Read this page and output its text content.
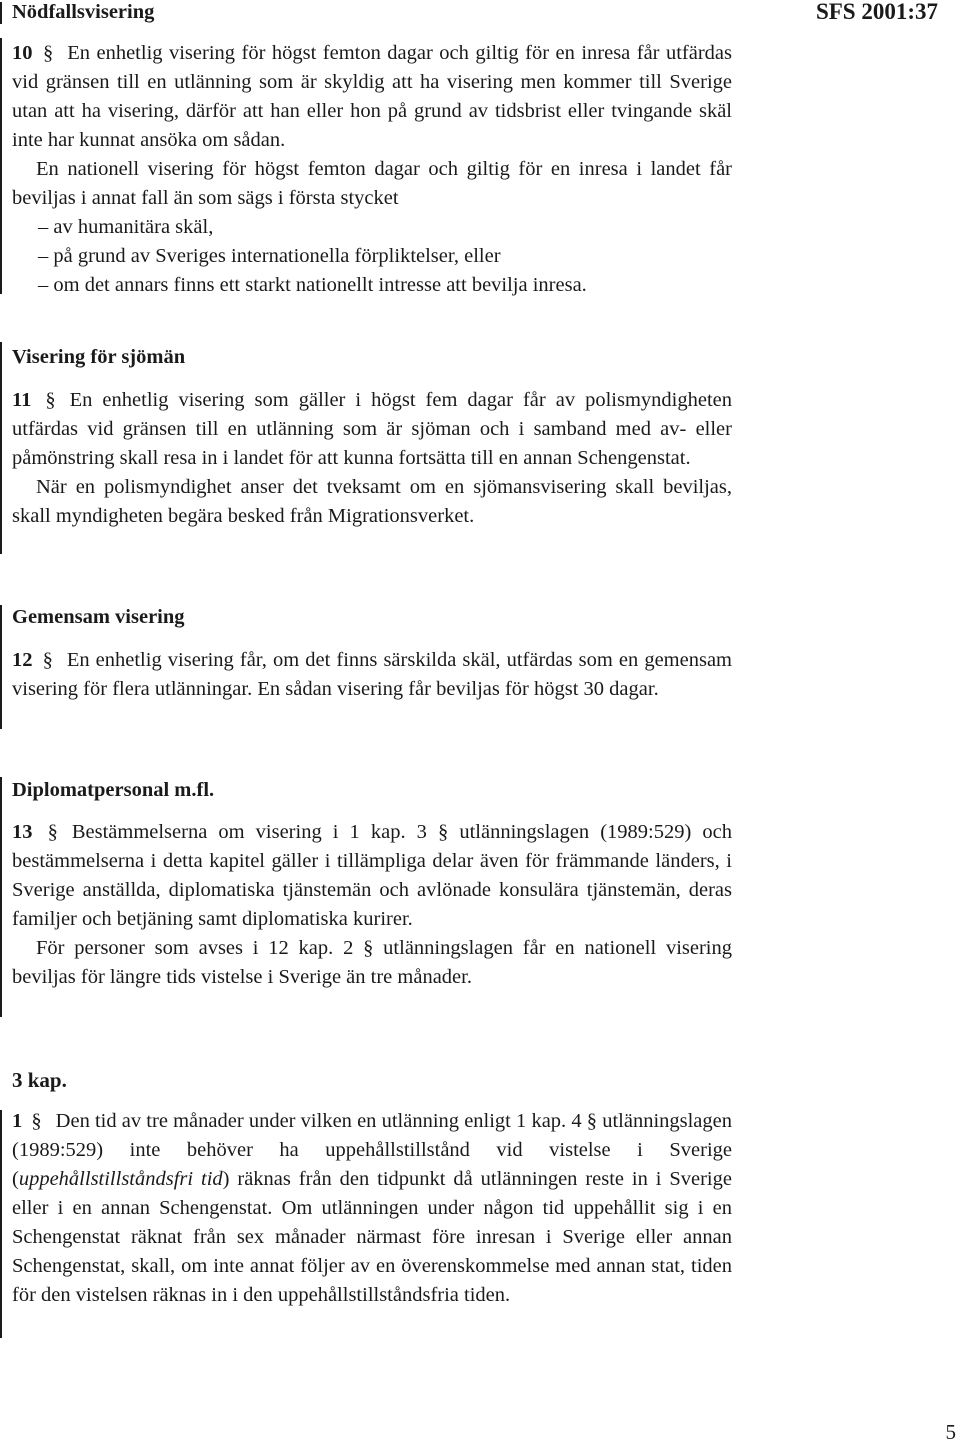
SFS 2001:37
Nödfallsvisering

10 § En enhetlig visering för högst femton dagar och giltig för en inresa får utfärdas vid gränsen till en utlänning som är skyldig att ha visering men kommer till Sverige utan att ha visering, därför att han eller hon på grund av tidsbrist eller tvingande skäl inte har kunnat ansöka om sådan.

En nationell visering för högst femton dagar och giltig för en inresa i landet får beviljas i annat fall än som sägs i första stycket

– av humanitära skäl,
– på grund av Sveriges internationella förpliktelser, eller
– om det annars finns ett starkt nationellt intresse att bevilja inresa.
Visering för sjömän

11 § En enhetlig visering som gäller i högst fem dagar får av polismyndigheten utfärdas vid gränsen till en utlänning som är sjöman och i samband med av- eller påmönstring skall resa in i landet för att kunna fortsätta till en annan Schengenstat.

När en polismyndighet anser det tveksamt om en sjömansvisering skall beviljas, skall myndigheten begära besked från Migrationsverket.

Gemensam visering

12 § En enhetlig visering får, om det finns särskilda skäl, utfärdas som en gemensam visering för flera utlänningar. En sådan visering får beviljas för högst 30 dagar.

Diplomatpersonal m.fl.

13 § Bestämmelserna om visering i 1 kap. 3 § utlänningslagen (1989:529) och bestämmelserna i detta kapitel gäller i tillämpliga delar även för främmande länders, i Sverige anställda, diplomatiska tjänstemän och avlönade konsulära tjänstemän, deras familjer och betjäning samt diplomatiska kurirer.

För personer som avses i 12 kap. 2 § utlänningslagen får en nationell visering beviljas för längre tids vistelse i Sverige än tre månader.

3 kap.

1 § Den tid av tre månader under vilken en utlänning enligt 1 kap. 4 § utlänningslagen (1989:529) inte behöver ha uppehållstillstånd vid vistelse i Sverige (uppehållstillståndsfri tid) räknas från den tidpunkt då utlänningen reste in i Sverige eller i en annan Schengenstat. Om utlänningen under någon tid uppehållit sig i en Schengenstat räknat från sex månader närmast före inresan i Sverige eller annan Schengenstat, skall, om inte annat följer av en överenskommelse med annan stat, tiden för den vistelsen räknas in i den uppehållstillståndsfria tiden.

5
